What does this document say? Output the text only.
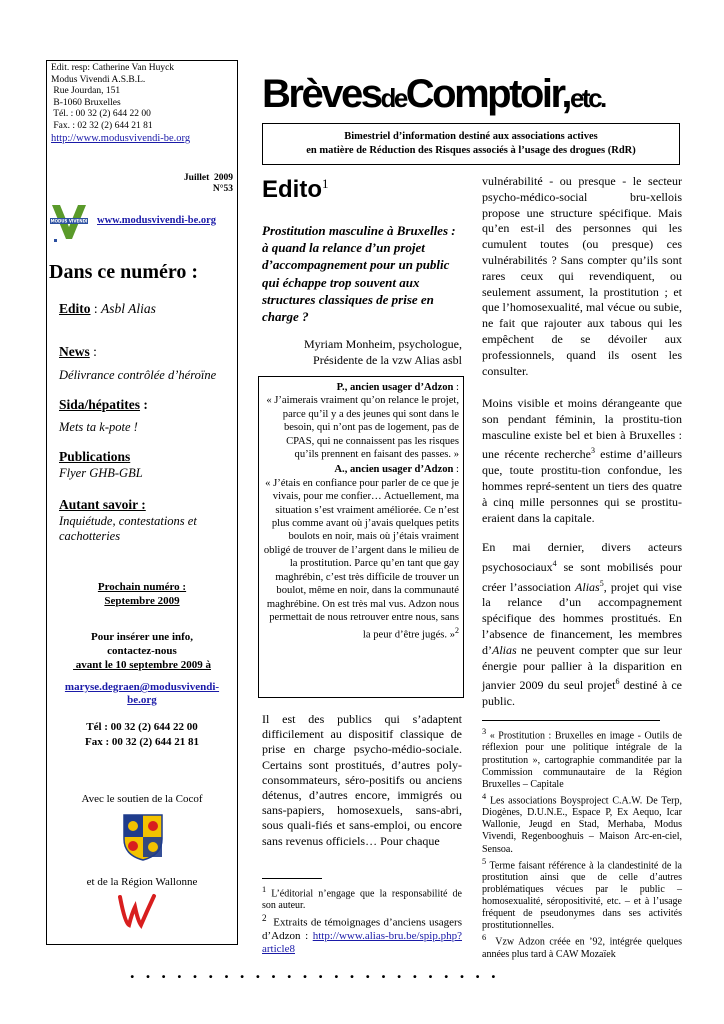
Edit. resp: Catherine Van Huyck
Modus Vivendi A.S.B.L.
Rue Jourdan, 151
B-1060 Bruxelles
Tél. : 00 32 (2) 644 22 00
Fax. : 02 32 (2) 644 21 81
http://www.modusvivendi-be.org
Juillet  2009
N°53
MODUS VIVENDI www.modusvivendi-be.org
Dans ce numéro :
Edito : Asbl Alias
News :
Délivrance contrôlée d’héroïne
Sida/hépatites :
Mets ta k-pote !
Publications
Flyer GHB-GBL
Autant savoir :
Inquiétude, contestations et cachotteries
Prochain numéro :
Septembre 2009
Pour insérer une info,
contactez-nous
avant le 10 septembre 2009 à
maryse.degraen@modusvivendi-
be.org
Tél : 00 32 (2) 644 22 00
Fax : 00 32 (2) 644 21 81
Avec le soutien de la Cocof
et de la Région Wallonne
BrèvesdeComptoir,etc.
Bimestriel d’information destiné aux associations actives
en matière de Réduction des Risques associés à l’usage des drogues (RdR)
Edito$^1$
Prostitution masculine à Bruxelles : à quand la relance d’un projet d’accompagnement pour un public qui échappe trop souvent aux structures classiques de prise en charge ?
Myriam Monheim, psychologue,
Présidente de la vzw Alias asbl
P., ancien usager d’Adzon :
« J’aimerais vraiment qu’on relance le projet, parce qu’il y a des jeunes qui sont dans le besoin, qui n’ont pas de logement, pas de CPAS, qui ne connaissent pas les risques qu’ils prennent en faisant des passes. »
A., ancien usager d’Adzon :
« J’étais en confiance pour parler de ce que je vivais, pour me confier… Actuellement, ma situation s’est vraiment améliorée. Ce n’est plus comme avant où j’avais quelques petits boulots en noir, mais où j’étais vraiment obligé de trouver de l’argent dans le milieu de la prostitution. Parce qu’en tant que gay maghrébin, c’est très difficile de trouver un boulot, même en noir, dans la communauté maghrébine. On est très mal vus. Adzon nous permettait de nous retrouver entre nous, sans la peur d’être jugés. »$^2$
Il est des publics qui s’adaptent difficilement au dispositif classique de prise en charge psycho-médio-sociale. Certains sont prostitués, d’autres poly-consommateurs, séro-positifs ou anciens détenus, d’autres encore, immigrés ou sans-papiers, homosexuels, sans-abri, sous quali-fiés et sans-emploi, ou encore sans revenus officiels… Pour chaque
$^1$ L’éditorial n’engage que la responsabilité de son auteur.
$^2$  Extraits de témoignages d’anciens usagers d’Adzon : http://www.alias-bru.be/spip.php?article8
vulnérabilité - ou presque - le secteur psycho-médico-social bru-xellois propose une structure spécifique. Mais qu’en est-il des personnes qui les cumulent toutes (ou presque) ces vulnérabilités ? Sans compter qu’ils sont rares ceux qui revendiquent, ou seulement assument, la prostitution ; et que l’homosexualité, mal vécue ou subie, ne fait que rajouter aux tabous qui les empêchent de se dévoiler aux professionnels, quand ils osent les consulter.
Moins visible et moins dérangeante que son pendant féminin, la prostitu-tion masculine existe bel et bien à Bruxelles : une récente recherche$^3$ estime d’ailleurs que, toute prostitu-tion confondue, les hommes repré-sentent un tiers des quatre à cinq mille personnes qui se prostitu-eraient dans la capitale.
En mai dernier, divers acteurs psychosociaux$^4$ se sont mobilisés pour créer l’association Alias$^5$, projet qui vise la relance d’un accompagnement spécifique des hommes prostitués. En l’absence de financement, les membres d’Alias ne peuvent compter que sur leur énergie pour pallier à la disparition en janvier 2009 du seul projet$^6$ destiné à ce public.
$^3$ « Prostitution : Bruxelles en image - Outils de réflexion pour une politique intégrale de la prostitution », cartographie commanditée par la Commission communautaire de la Région Bruxelles – Capitale
$^4$ Les associations Boysproject C.A.W. De Terp, Diogènes, D.U.N.E., Espace P, Ex Aequo, Icar Wallonie, Jeugd en Stad, Merhaba, Modus Vivendi, Regenbooghuis – Maison Arc-en-ciel, Sensoa.
$^5$ Terme faisant référence à la clandestinité de la prostitution ainsi que de celle d’autres problématiques vécues par le public – homosexualité, séropositivité, etc. – et à l’usage fréquent de pseudonymes dans ses activités prostitutionnelles.
$^6$  Vzw Adzon créée en ’92, intégrée quelques années plus tard à CAW Mozaïek
........................
